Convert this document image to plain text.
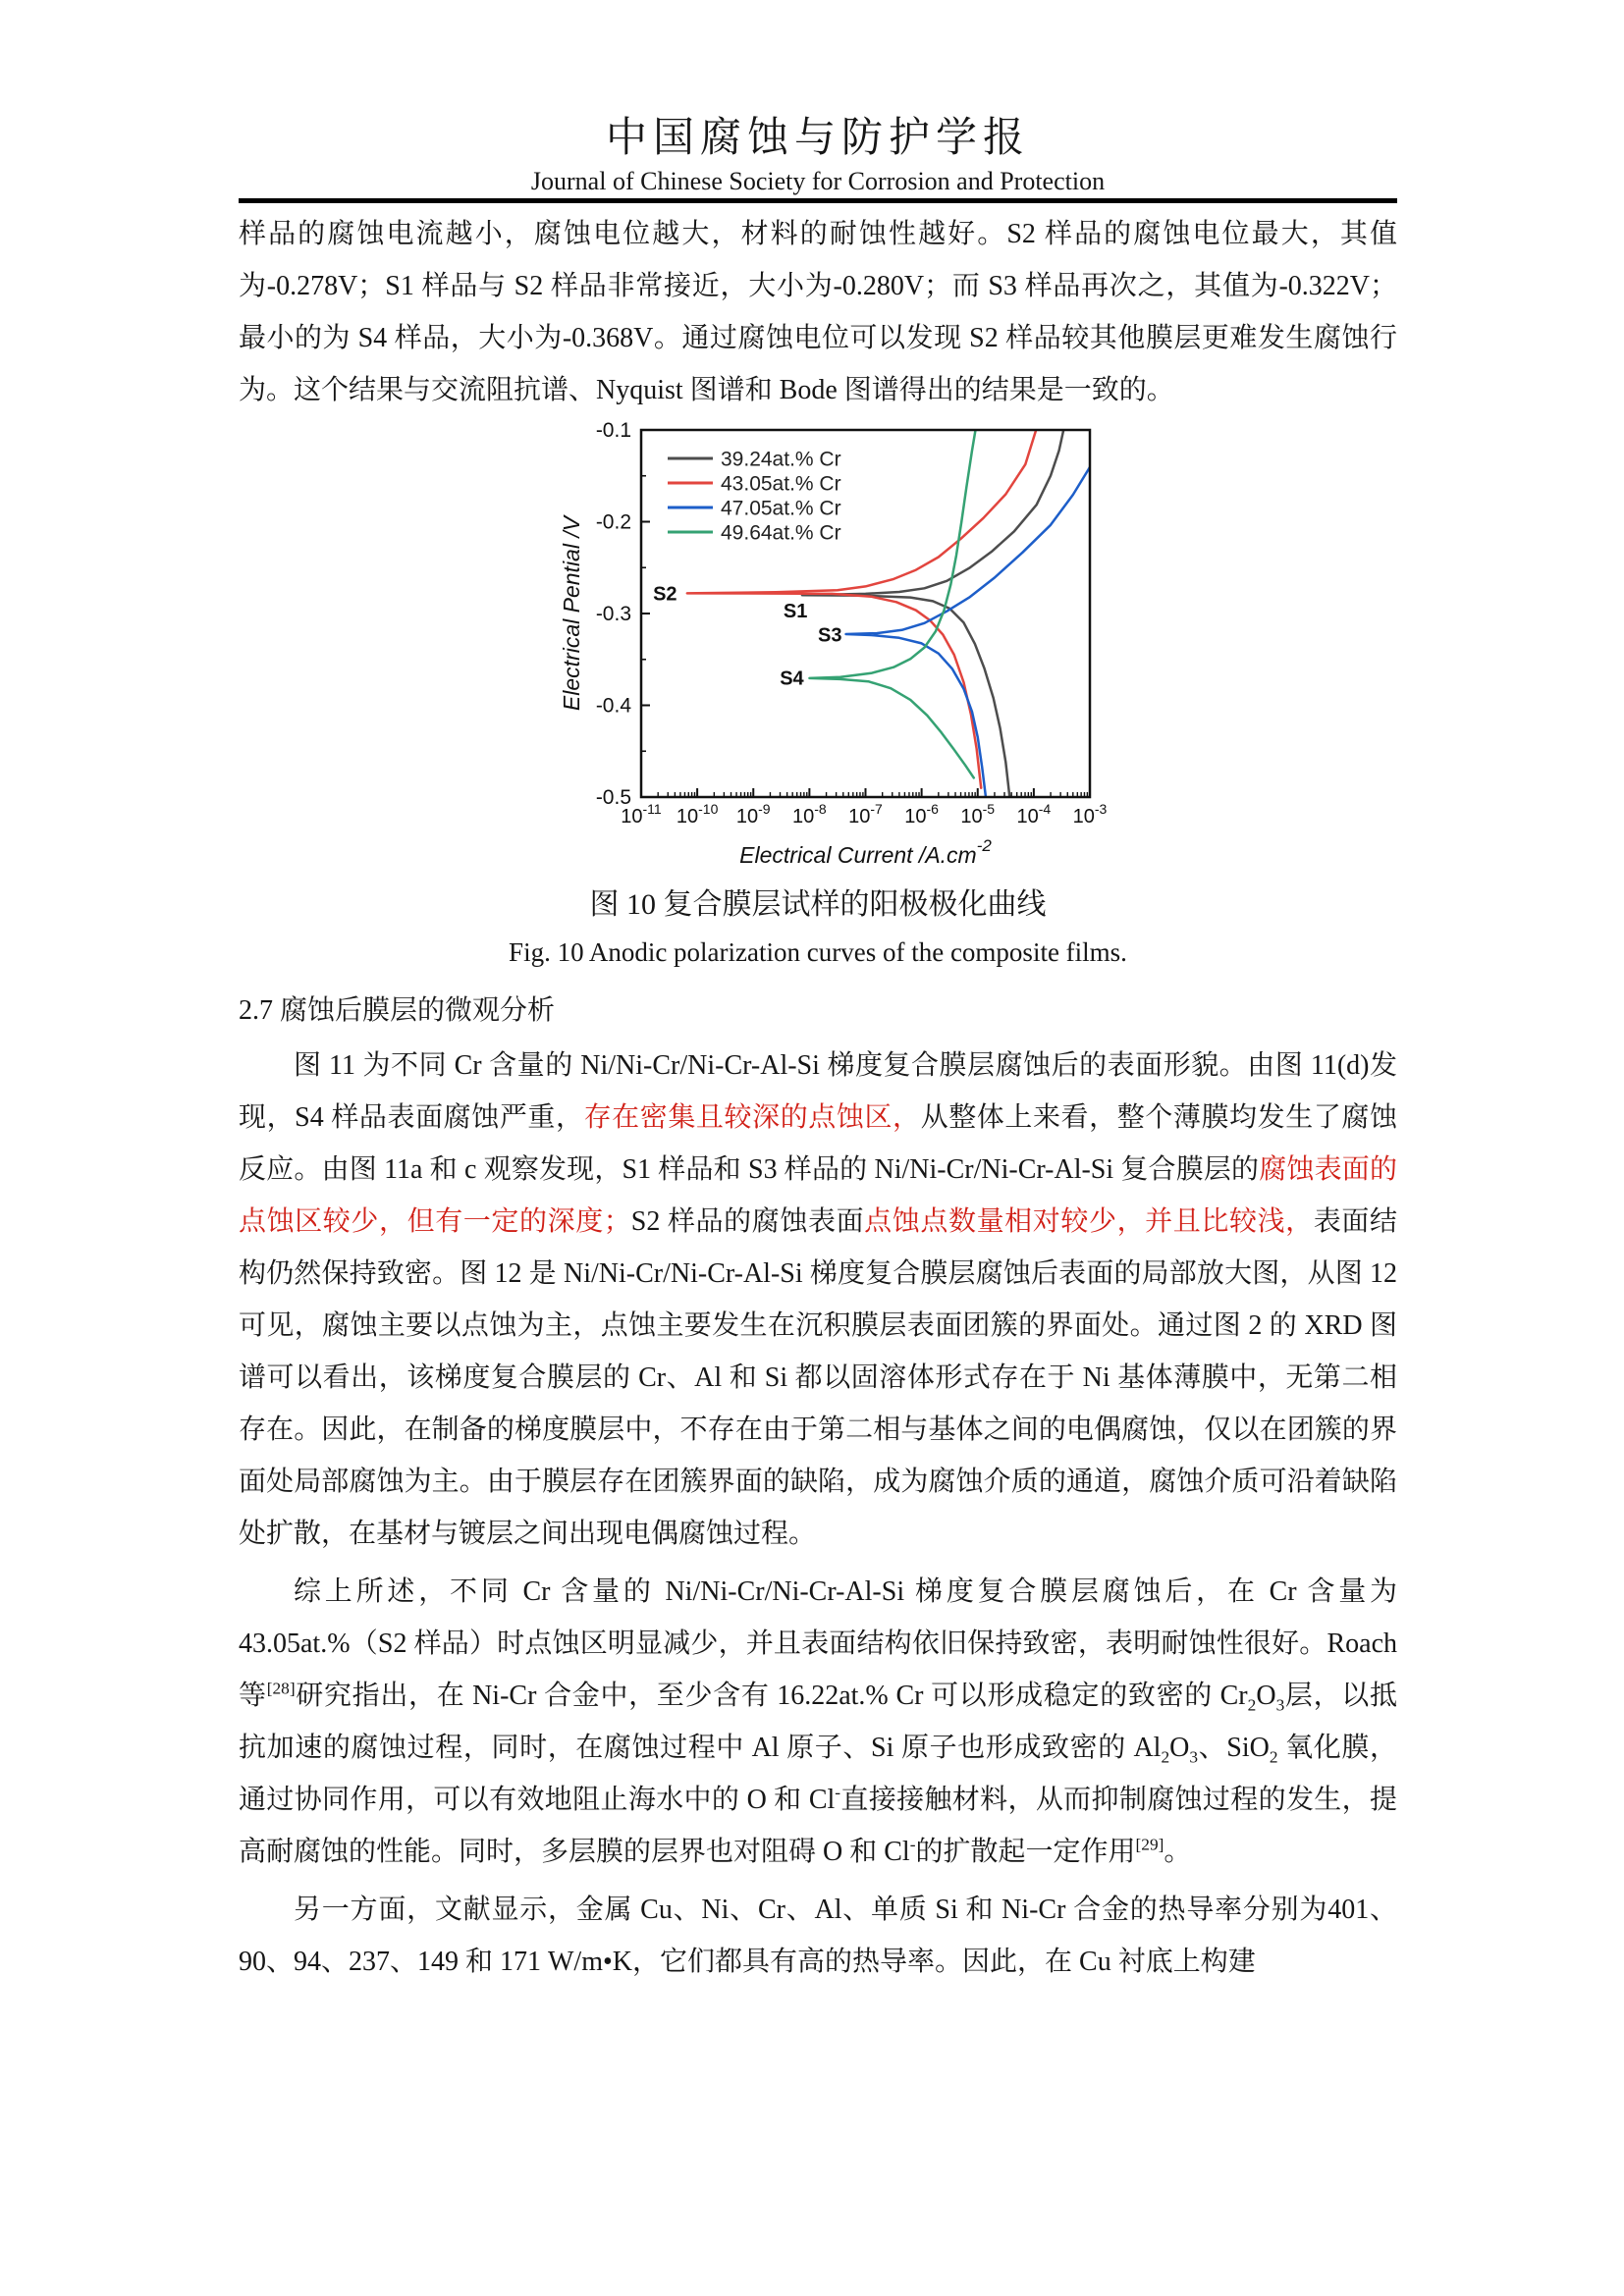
中国腐蚀与防护学报
Journal of Chinese Society for Corrosion and Protection
样品的腐蚀电流越小，腐蚀电位越大，材料的耐蚀性越好。S2 样品的腐蚀电位最大，其值为-0.278V；S1 样品与 S2 样品非常接近，大小为-0.280V；而 S3 样品再次之，其值为-0.322V；最小的为 S4 样品，大小为-0.368V。通过腐蚀电位可以发现 S2 样品较其他膜层更难发生腐蚀行为。这个结果与交流阻抗谱、Nyquist 图谱和 Bode 图谱得出的结果是一致的。
-0.1
-0.2
-0.3
-0.4
-0.5
$10^{-11}$ $10^{-10}$ $10^{-9}$ $10^{-8}$ $10^{-7}$ $10^{-6}$ $10^{-5}$ $10^{-4}$ $10^{-3}$
39.24at.% Cr
43.05at.% Cr
47.05at.% Cr
49.64at.% Cr
S2
S1
S3
S4
Electrical Current $/A.cm^{-2}$
Electrical Pential /V
图 10 复合膜层试样的阳极极化曲线
Fig. 10 Anodic polarization curves of the composite films.
2.7 腐蚀后膜层的微观分析

图 11 为不同 Cr 含量的 Ni/Ni-Cr/Ni-Cr-Al-Si 梯度复合膜层腐蚀后的表面形貌。由图 11(d)发现，S4 样品表面腐蚀严重，存在密集且较深的点蚀区，从整体上来看，整个薄膜均发生了腐蚀反应。由图 11a 和 c 观察发现，S1 样品和 S3 样品的 Ni/Ni-Cr/Ni-Cr-Al-Si 复合膜层的腐蚀表面的点蚀区较少，但有一定的深度；S2 样品的腐蚀表面点蚀点数量相对较少，并且比较浅，表面结构仍然保持致密。图 12 是 Ni/Ni-Cr/Ni-Cr-Al-Si 梯度复合膜层腐蚀后表面的局部放大图，从图 12 可见，腐蚀主要以点蚀为主，点蚀主要发生在沉积膜层表面团簇的界面处。通过图 2 的 XRD 图谱可以看出，该梯度复合膜层的 Cr、Al 和 Si 都以固溶体形式存在于 Ni 基体薄膜中，无第二相存在。因此，在制备的梯度膜层中，不存在由于第二相与基体之间的电偶腐蚀，仅以在团簇的界面处局部腐蚀为主。由于膜层存在团簇界面的缺陷，成为腐蚀介质的通道，腐蚀介质可沿着缺陷处扩散，在基材与镀层之间出现电偶腐蚀过程。

综上所述，不同 Cr 含量的 Ni/Ni-Cr/Ni-Cr-Al-Si 梯度复合膜层腐蚀后，在 Cr 含量为43.05at.%（S2 样品）时点蚀区明显减少，并且表面结构依旧保持致密，表明耐蚀性很好。Roach 等[28]研究指出，在 Ni-Cr 合金中，至少含有 16.22at.% Cr 可以形成稳定的致密的 $Cr_2O_3$层，以抵抗加速的腐蚀过程，同时，在腐蚀过程中 Al 原子、Si 原子也形成致密的 $Al_2O_3$、SiO$_2$ 氧化膜，通过协同作用，可以有效地阻止海水中的 O 和 Cl-直接接触材料，从而抑制腐蚀过程的发生，提高耐腐蚀的性能。同时，多层膜的层界也对阻碍 O 和 Cl-的扩散起一定作用[29]。

另一方面，文献显示，金属 Cu、Ni、Cr、Al、单质 Si 和 Ni-Cr 合金的热导率分别为401、90、94、237、149 和 171 W/m•K，它们都具有高的热导率。因此，在 Cu 衬底上构建
